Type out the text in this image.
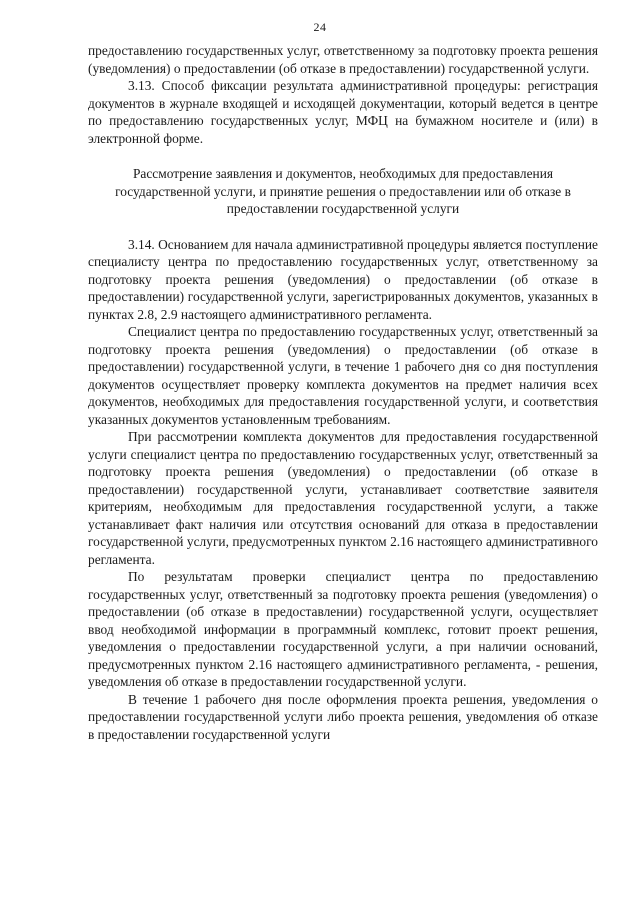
24

предоставлению государственных услуг, ответственному за подготовку проекта решения (уведомления) о предоставлении (об отказе в предоставлении) государственной услуги.

3.13. Способ фиксации результата административной процедуры: регистрация документов в журнале входящей и исходящей документации, который ведется в центре по предоставлению государственных услуг, МФЦ на бумажном носителе и (или) в электронной форме.

Рассмотрение заявления и документов, необходимых для предоставления государственной услуги, и принятие решения о предоставлении или об отказе в предоставлении государственной услуги

3.14. Основанием для начала административной процедуры является поступление специалисту центра по предоставлению государственных услуг, ответственному за подготовку проекта решения (уведомления) о предоставлении (об отказе в предоставлении) государственной услуги, зарегистрированных документов, указанных в пунктах 2.8, 2.9 настоящего административного регламента.

Специалист центра по предоставлению государственных услуг, ответственный за подготовку проекта решения (уведомления) о предоставлении (об отказе в предоставлении) государственной услуги, в течение 1 рабочего дня со дня поступления документов осуществляет проверку комплекта документов на предмет наличия всех документов, необходимых для предоставления государственной услуги, и соответствия указанных документов установленным требованиям.

При рассмотрении комплекта документов для предоставления государственной услуги специалист центра по предоставлению государственных услуг, ответственный за подготовку проекта решения (уведомления) о предоставлении (об отказе в предоставлении) государственной услуги, устанавливает соответствие заявителя критериям, необходимым для предоставления государственной услуги, а также устанавливает факт наличия или отсутствия оснований для отказа в предоставлении государственной услуги, предусмотренных пунктом 2.16 настоящего административного регламента.

По результатам проверки специалист центра по предоставлению государственных услуг, ответственный за подготовку проекта решения (уведомления) о предоставлении (об отказе в предоставлении) государственной услуги, осуществляет ввод необходимой информации в программный комплекс, готовит проект решения, уведомления о предоставлении государственной услуги, а при наличии оснований, предусмотренных пунктом 2.16 настоящего административного регламента, - решения, уведомления об отказе в предоставлении государственной услуги.

В течение 1 рабочего дня после оформления проекта решения, уведомления о предоставлении государственной услуги либо проекта решения, уведомления об отказе в предоставлении государственной услуги
